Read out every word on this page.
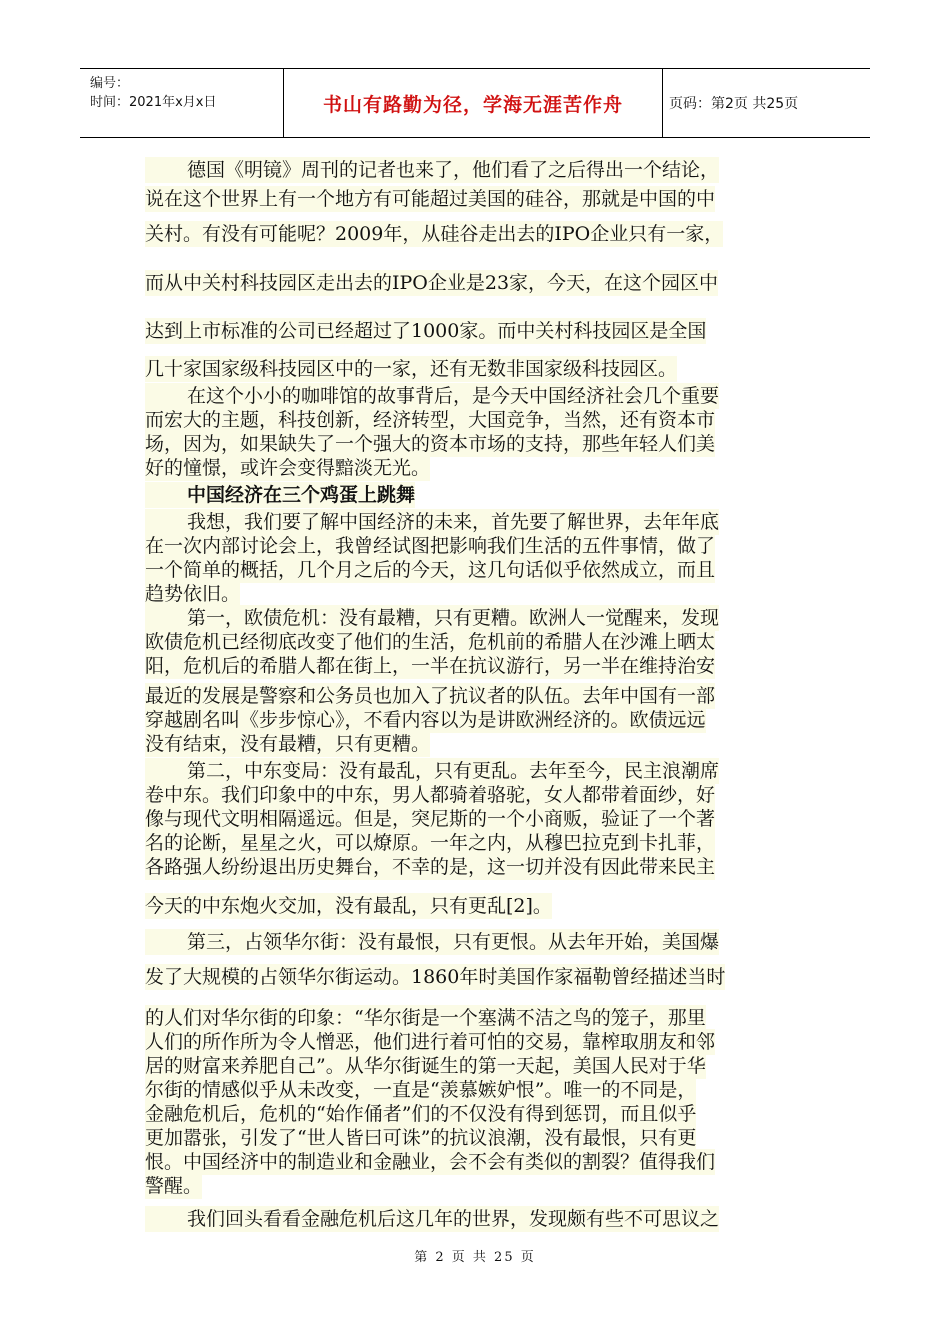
编号：
时间：2021年x月x日	书山有路勤为径，学海无涯苦作舟	页码：第2页 共25页
德国《明镜》周刊的记者也来了，他们看了之后得出一个结论，
说在这个世界上有一个地方有可能超过美国的硅谷，那就是中国的中
关村。有没有可能呢？2009年，从硅谷走出去的IPO企业只有一家，
而从中关村科技园区走出去的IPO企业是23家，今天，在这个园区中
达到上市标准的公司已经超过了1000家。而中关村科技园区是全国
几十家国家级科技园区中的一家，还有无数非国家级科技园区。
在这个小小的咖啡馆的故事背后，是今天中国经济社会几个重要
而宏大的主题，科技创新，经济转型，大国竞争，当然，还有资本市
场，因为，如果缺失了一个强大的资本市场的支持，那些年轻人们美
好的憧憬，或许会变得黯淡无光。
中国经济在三个鸡蛋上跳舞
我想，我们要了解中国经济的未来，首先要了解世界，去年年底
在一次内部讨论会上，我曾经试图把影响我们生活的五件事情，做了
一个简单的概括，几个月之后的今天，这几句话似乎依然成立，而且
趋势依旧。
第一，欧债危机：没有最糟，只有更糟。欧洲人一觉醒来，发现
欧债危机已经彻底改变了他们的生活，危机前的希腊人在沙滩上晒太
阳，危机后的希腊人都在街上，一半在抗议游行，另一半在维持治安
最近的发展是警察和公务员也加入了抗议者的队伍。去年中国有一部
穿越剧名叫《步步惊心》，不看内容以为是讲欧洲经济的。欧债远远
没有结束，没有最糟，只有更糟。
第二，中东变局：没有最乱，只有更乱。去年至今，民主浪潮席
卷中东。我们印象中的中东，男人都骑着骆驼，女人都带着面纱，好
像与现代文明相隔遥远。但是，突尼斯的一个小商贩，验证了一个著
名的论断，星星之火，可以燎原。一年之内，从穆巴拉克到卡扎菲，
各路强人纷纷退出历史舞台，不幸的是，这一切并没有因此带来民主
今天的中东炮火交加，没有最乱，只有更乱[2]。
第三，占领华尔街：没有最恨，只有更恨。从去年开始，美国爆
发了大规模的占领华尔街运动。1860年时美国作家福勒曾经描述当时
的人们对华尔街的印象：“华尔街是一个塞满不洁之鸟的笼子，那里
人们的所作所为令人憎恶，他们进行着可怕的交易，靠榨取朋友和邻
居的财富来养肥自己”。从华尔街诞生的第一天起，美国人民对于华
尔街的情感似乎从未改变，一直是“羡慕嫉妒恨”。唯一的不同是，
金融危机后，危机的“始作俑者”们的不仅没有得到惩罚，而且似乎
更加嚣张，引发了“世人皆曰可诛”的抗议浪潮，没有最恨，只有更
恨。中国经济中的制造业和金融业，会不会有类似的割裂？值得我们
警醒。
我们回头看看金融危机后这几年的世界，发现颇有些不可思议之
第 2 页 共 25 页
